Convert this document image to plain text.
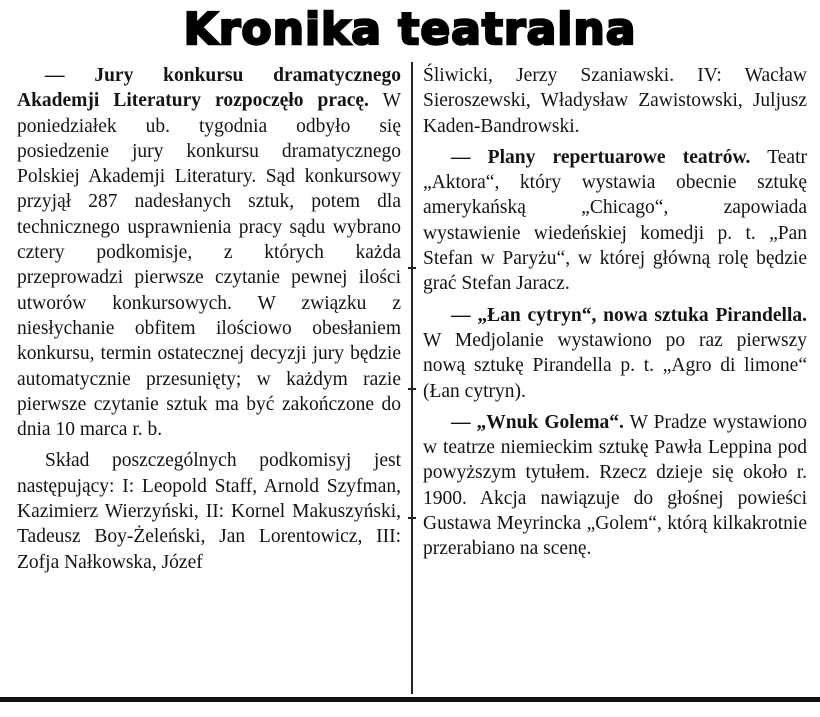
Kronika teatralna

— Jury konkursu dramatycznego Akademji Literatury rozpoczęło pracę. W poniedziałek ub. tygodnia odbyło się posiedzenie jury konkursu dramatycznego Polskiej Akademji Literatury. Sąd konkursowy przyjął 287 nadesłanych sztuk, potem dla technicznego usprawnienia pracy sądu wybrano cztery podkomisje, z których każda przeprowadzi pierwsze czytanie pewnej ilości utworów konkursowych. W związku z niesłychanie obfitem ilościowo obesłaniem konkursu, termin ostatecznej decyzji jury będzie automatycznie przesunięty; w każdym razie pierwsze czytanie sztuk ma być zakończone do dnia 10 marca r. b.

Skład poszczególnych podkomisyj jest następujący: I: Leopold Staff, Arnold Szyfman, Kazimierz Wierzyński, II: Kornel Makuszyński, Tadeusz Boy-Żeleński, Jan Lorentowicz, III: Zofja Nałkowska, Józef

Śliwicki, Jerzy Szaniawski. IV: Wacław Sieroszewski, Władysław Zawistowski, Juljusz Kaden-Bandrowski.

— Plany repertuarowe teatrów. Teatr „Aktora“, który wystawia obecnie sztukę amerykańską „Chicago“, zapowiada wystawienie wiedeńskiej komedji p. t. „Pan Stefan w Paryżu“, w której główną rolę będzie grać Stefan Jaracz.

— „Łan cytryn“, nowa sztuka Pirandella. W Medjolanie wystawiono po raz pierwszy nową sztukę Pirandella p. t. „Agro di limone“ (Łan cytryn).

— „Wnuk Golema“. W Pradze wystawiono w teatrze niemieckim sztukę Pawła Leppina pod powyższym tytułem. Rzecz dzieje się około r. 1900. Akcja nawiązuje do głośnej powieści Gustawa Meyrincka „Golem“, którą kilkakrotnie przerabiano na scenę.
